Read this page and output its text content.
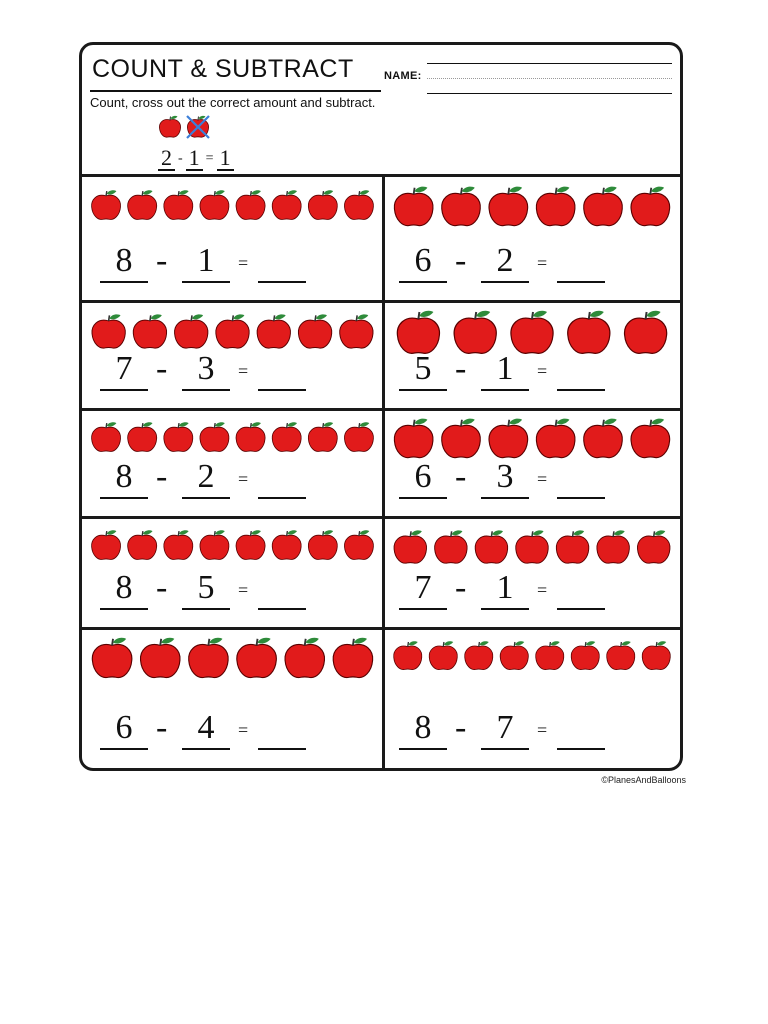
COUNT & SUBTRACT
Count, cross out the correct amount and subtract.
NAME:
2 - 1 = 1
8 - 1	=	6 - 2	=
7 - 3	=	5 - 1	=
8 - 2	=	6 - 3	=
8 - 5	=	7 - 1	=
6 - 4	=	8 - 7	=
©PlanesAndBalloons
